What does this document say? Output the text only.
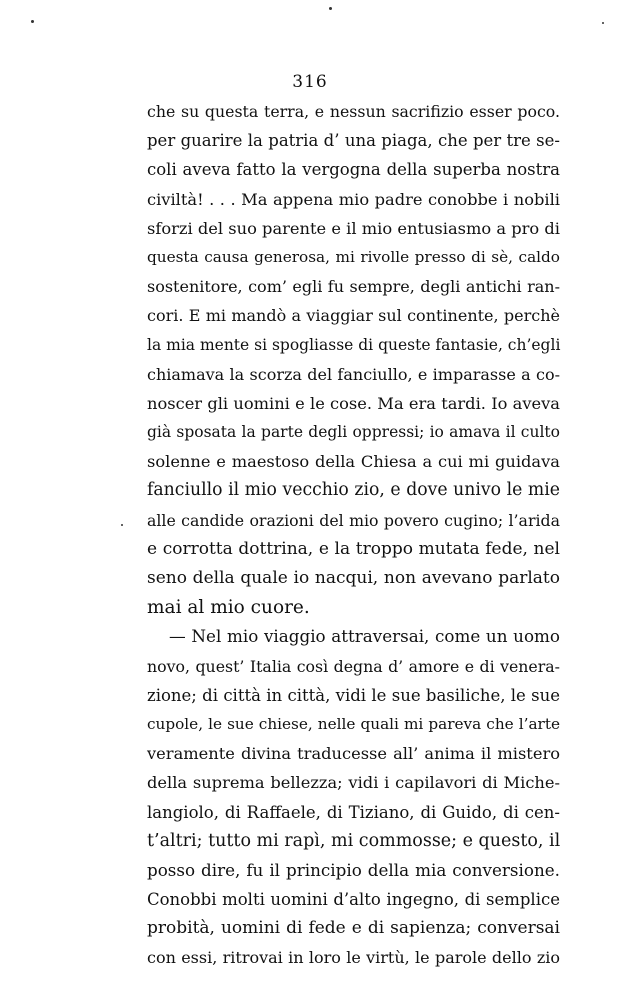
316
che su questa terra, e nessun sacrifizio esser poco.
per guarire la patria d’ una piaga, che per tre se-
coli aveva fatto la vergogna della superba nostra
civiltà! . . . Ma appena mio padre conobbe i nobili
sforzi del suo parente e il mio entusiasmo a pro di
questa causa generosa, mi rivolle presso di sè, caldo
sostenitore, com’ egli fu sempre, degli antichi ran-
cori. E mi mandò a viaggiar sul continente, perchè
la mia mente si spogliasse di queste fantasie, ch’egli
chiamava la scorza del fanciullo, e imparasse a co-
noscer gli uomini e le cose. Ma era tardi. Io aveva
già sposata la parte degli oppressi; io amava il culto
solenne e maestoso della Chiesa a cui mi guidava
fanciullo il mio vecchio zio, e dove univo le mie
alle candide orazioni del mio povero cugino; l’arida
e corrotta dottrina, e la troppo mutata fede, nel
seno della quale io nacqui, non avevano parlato
mai al mio cuore.
— Nel mio viaggio attraversai, come un uomo
novo, quest’ Italia così degna d’ amore e di venera-
zione; di città in città, vidi le sue basiliche, le sue
cupole, le sue chiese, nelle quali mi pareva che l’arte
veramente divina traducesse all’ anima il mistero
della suprema bellezza; vidi i capilavori di Miche-
langiolo, di Raffaele, di Tiziano, di Guido, di cen-
t’altri; tutto mi rapì, mi commosse; e questo, il
posso dire, fu il principio della mia conversione.
Conobbi molti uomini d’alto ingegno, di semplice
probità, uomini di fede e di sapienza; conversai
con essi, ritrovai in loro le virtù, le parole dello zio
